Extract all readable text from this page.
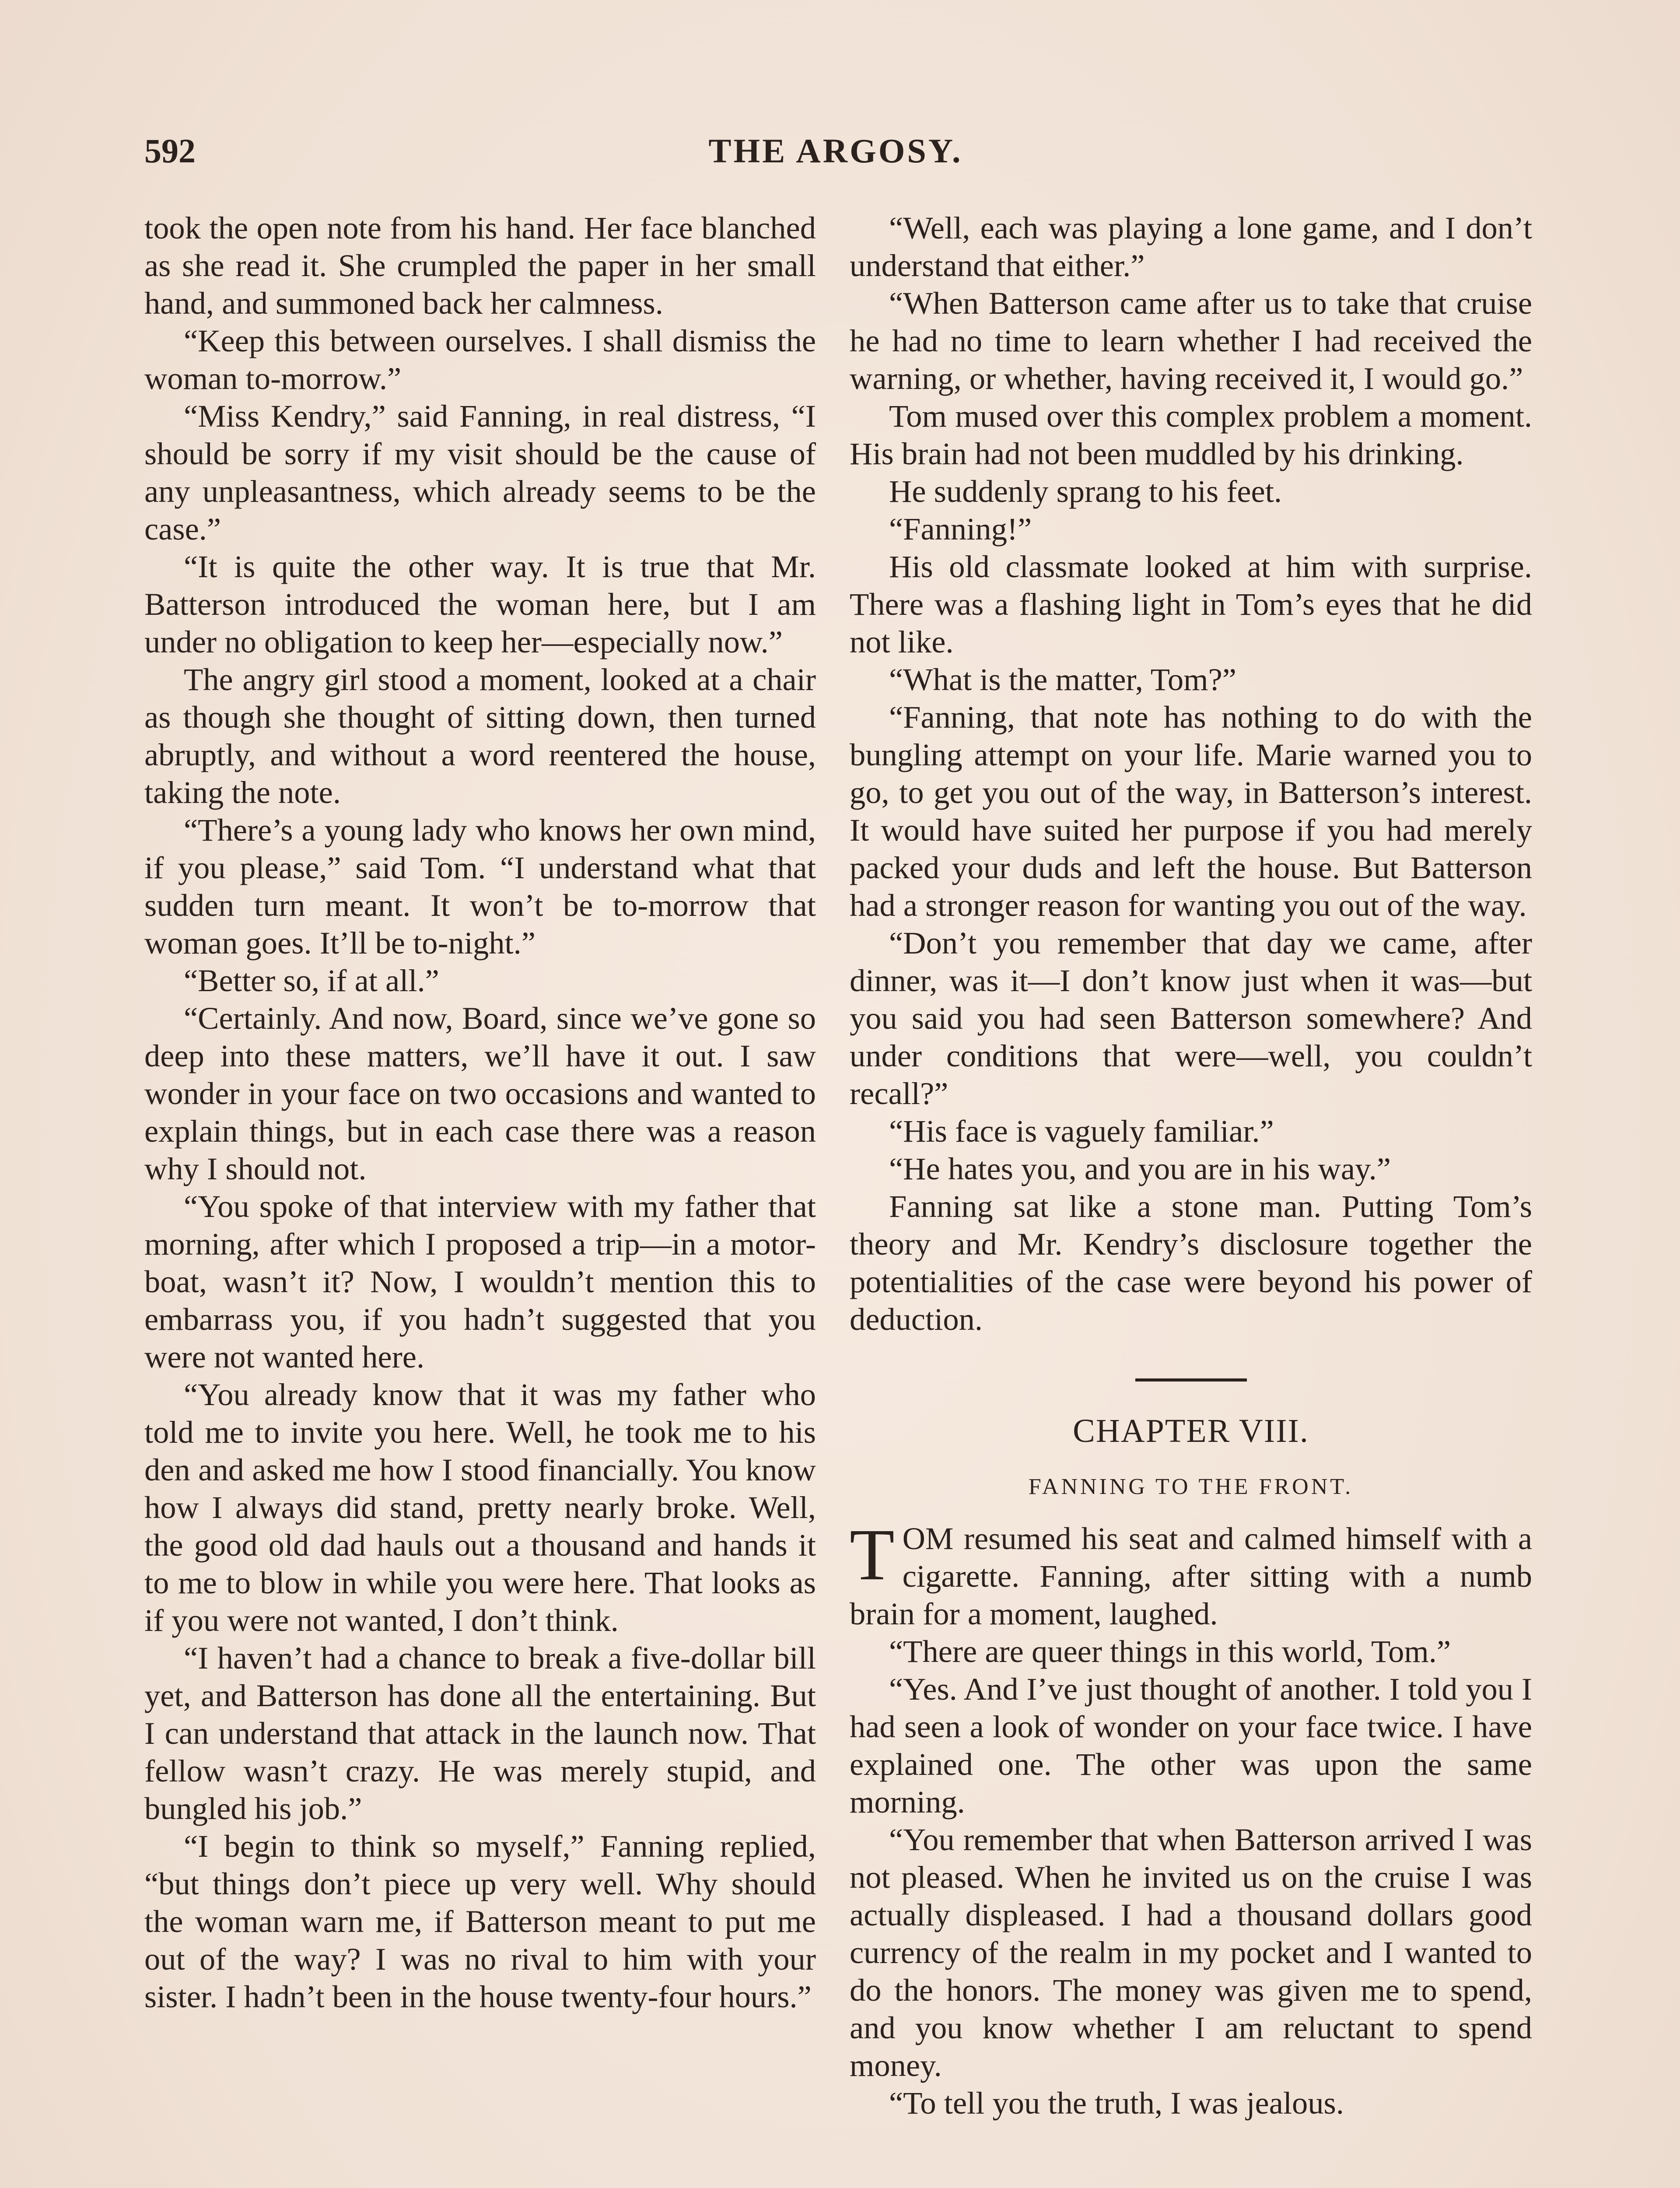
592	THE ARGOSY.

took the open note from his hand. Her face blanched as she read it. She crumpled the paper in her small hand, and summoned back her calmness.

“Keep this between ourselves. I shall dismiss the woman to-morrow.”

“Miss Kendry,” said Fanning, in real distress, “I should be sorry if my visit should be the cause of any unpleasantness, which already seems to be the case.”

“It is quite the other way. It is true that Mr. Batterson introduced the woman here, but I am under no obligation to keep her—especially now.”

The angry girl stood a moment, looked at a chair as though she thought of sitting down, then turned abruptly, and without a word reentered the house, taking the note.

“There’s a young lady who knows her own mind, if you please,” said Tom. “I understand what that sudden turn meant. It won’t be to-morrow that woman goes. It’ll be to-night.”

“Better so, if at all.”

“Certainly. And now, Board, since we’ve gone so deep into these matters, we’ll have it out. I saw wonder in your face on two occasions and wanted to explain things, but in each case there was a reason why I should not.

“You spoke of that interview with my father that morning, after which I proposed a trip—in a motor-boat, wasn’t it? Now, I wouldn’t mention this to embarrass you, if you hadn’t suggested that you were not wanted here.

“You already know that it was my father who told me to invite you here. Well, he took me to his den and asked me how I stood financially. You know how I always did stand, pretty nearly broke. Well, the good old dad hauls out a thousand and hands it to me to blow in while you were here. That looks as if you were not wanted, I don’t think.

“I haven’t had a chance to break a five-dollar bill yet, and Batterson has done all the entertaining. But I can understand that attack in the launch now. That fellow wasn’t crazy. He was merely stupid, and bungled his job.”

“I begin to think so myself,” Fanning replied, “but things don’t piece up very well. Why should the woman warn me, if Batterson meant to put me out of the way? I was no rival to him with your sister. I hadn’t been in the house twenty-four hours.”

“Well, each was playing a lone game, and I don’t understand that either.”

“When Batterson came after us to take that cruise he had no time to learn whether I had received the warning, or whether, having received it, I would go.”

Tom mused over this complex problem a moment. His brain had not been muddled by his drinking.

He suddenly sprang to his feet.

“Fanning!”

His old classmate looked at him with surprise. There was a flashing light in Tom’s eyes that he did not like.

“What is the matter, Tom?”

“Fanning, that note has nothing to do with the bungling attempt on your life. Marie warned you to go, to get you out of the way, in Batterson’s interest. It would have suited her purpose if you had merely packed your duds and left the house. But Batterson had a stronger reason for wanting you out of the way.

“Don’t you remember that day we came, after dinner, was it—I don’t know just when it was—but you said you had seen Batterson somewhere? And under conditions that were—well, you couldn’t recall?”

“His face is vaguely familiar.”

“He hates you, and you are in his way.”

Fanning sat like a stone man. Putting Tom’s theory and Mr. Kendry’s disclosure together the potentialities of the case were beyond his power of deduction.

CHAPTER VIII.
FANNING TO THE FRONT.

TOM resumed his seat and calmed himself with a cigarette. Fanning, after sitting with a numb brain for a moment, laughed.

“There are queer things in this world, Tom.”

“Yes. And I’ve just thought of another. I told you I had seen a look of wonder on your face twice. I have explained one. The other was upon the same morning.

“You remember that when Batterson arrived I was not pleased. When he invited us on the cruise I was actually displeased. I had a thousand dollars good currency of the realm in my pocket and I wanted to do the honors. The money was given me to spend, and you know whether I am reluctant to spend money.

“To tell you the truth, I was jealous.
